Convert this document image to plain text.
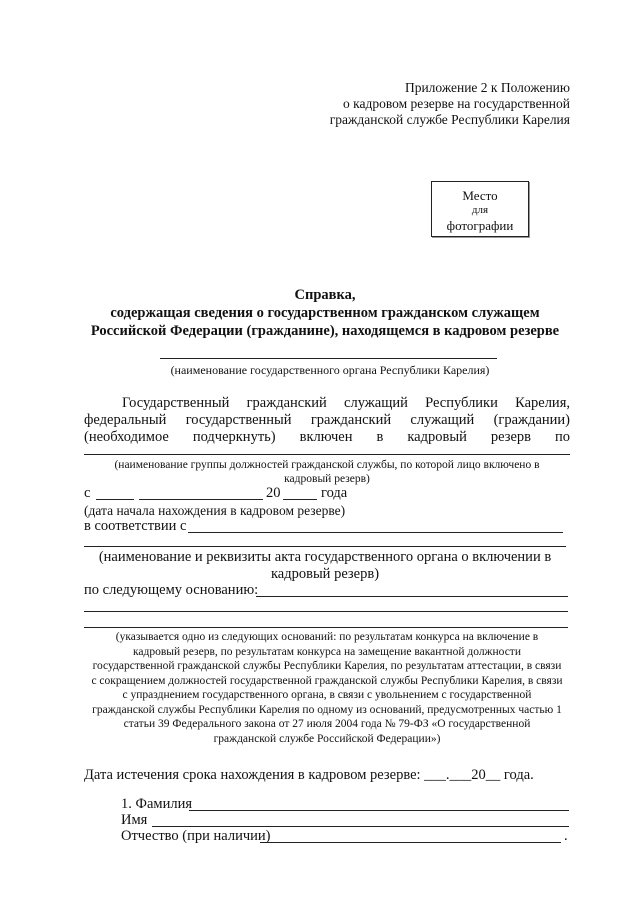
Приложение 2 к Положению
о кадровом резерве на государственной
гражданской службе Республики Карелия
Место
для
фотографии
Справка,
содержащая сведения о государственном гражданском служащем
Российской Федерации (гражданине), находящемся в кадровом резерве
(наименование государственного органа Республики Карелия)
Государственный гражданский служащий Республики Карелия,
федеральный государственный гражданский служащий (граждании)
(необходимое подчеркнуть) включен в кадровый резерв по
(наименование группы должностей гражданской службы, по которой лицо включено в
кадровый резерв)
с	20	года
(дата начала нахождения в кадровом резерве)
в соответствии с
(наименование и реквизиты акта государственного органа о включении в
кадровый резерв)
по следующему основанию:
(указывается одно из следующих оснований: по результатам конкурса на включение в
кадровый резерв, по результатам конкурса на замещение вакантной должности
государственной гражданской службы Республики Карелия, по результатам аттестации, в связи
с сокращением должностей государственной гражданской службы Республики Карелия, в связи
с упразднением государственного органа, в связи с увольнением с государственной
гражданской службы Республики Карелия по одному из оснований, предусмотренных частью 1
статьи 39 Федерального закона от 27 июля 2004 года № 79-ФЗ «О государственной
гражданской службе Российской Федерации»)
Дата истечения срока нахождения в кадровом резерве: ___.___20__ года.
1. Фамилия
Имя
Отчество (при наличии)	.
